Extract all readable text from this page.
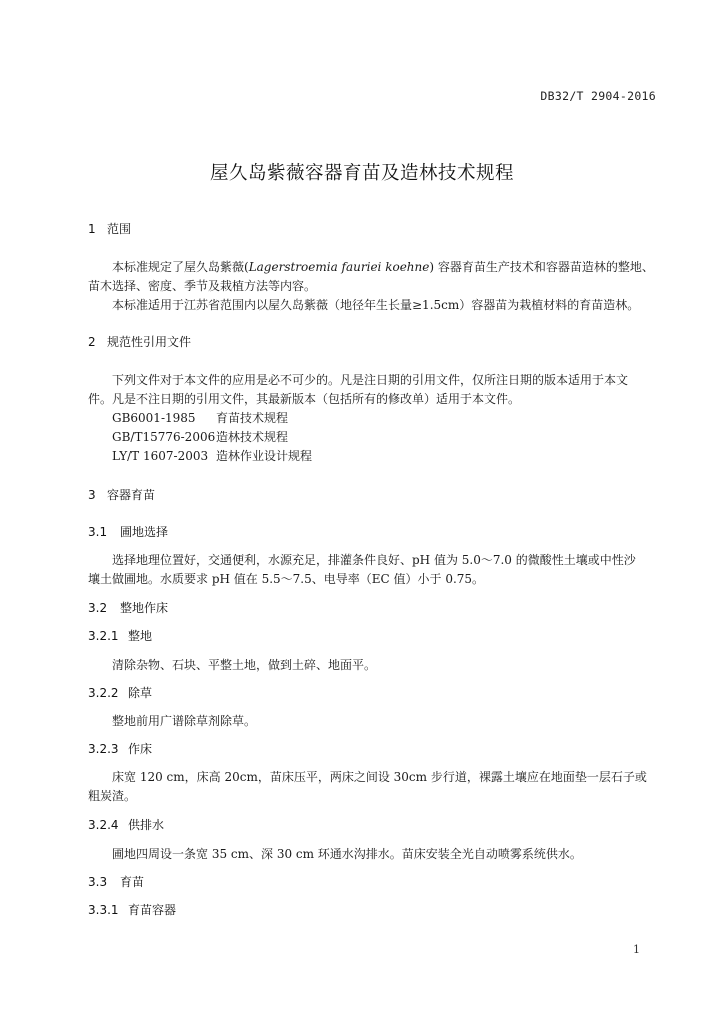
DB32/T 2904-2016
屋久岛紫薇容器育苗及造林技术规程
1 范围
本标准规定了屋久岛紫薇(Lagerstroemia fauriei koehne) 容器育苗生产技术和容器苗造林的整地、
苗木选择、密度、季节及栽植方法等内容。
本标准适用于江苏省范围内以屋久岛紫薇（地径年生长量≥1.5cm）容器苗为栽植材料的育苗造林。
2 规范性引用文件
下列文件对于本文件的应用是必不可少的。凡是注日期的引用文件，仅所注日期的版本适用于本文
件。凡是不注日期的引用文件，其最新版本（包括所有的修改单）适用于本文件。
GB6001-1985	育苗技术规程
GB/T15776-2006 造林技术规程
LY/T 1607-2003 造林作业设计规程
3 容器育苗
3.1 圃地选择
选择地理位置好，交通便利，水源充足，排灌条件良好、pH 值为 5.0～7.0 的微酸性土壤或中性沙
壤土做圃地。水质要求 pH 值在 5.5～7.5、电导率（EC 值）小于 0.75。
3.2 整地作床
3.2.1 整地
清除杂物、石块、平整土地，做到土碎、地面平。
3.2.2 除草
整地前用广谱除草剂除草。
3.2.3 作床
床宽 120 cm，床高 20cm，苗床压平，两床之间设 30cm 步行道，裸露土壤应在地面垫一层石子或
粗炭渣。
3.2.4 供排水
圃地四周设一条宽 35 cm、深 30 cm 环通水沟排水。苗床安装全光自动喷雾系统供水。
3.3 育苗
3.3.1 育苗容器
1
